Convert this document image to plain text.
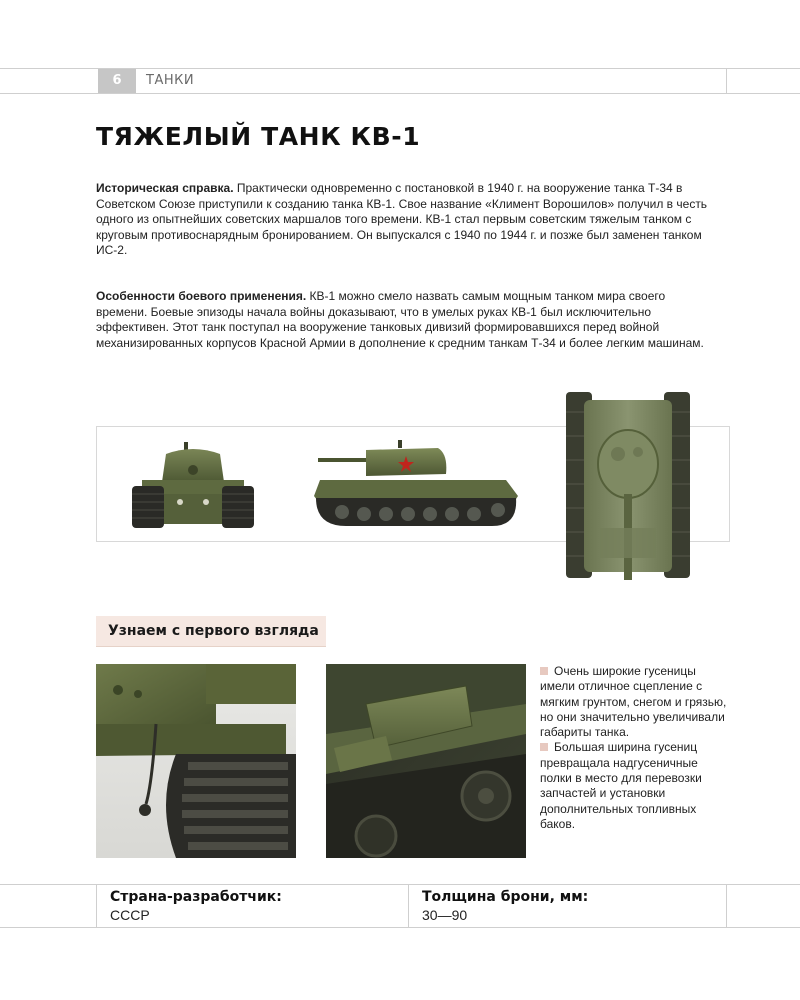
6	ТАНКИ
ТЯЖЕЛЫЙ ТАНК КВ-1

Историческая справка. Практически одновременно с постановкой в 1940 г. на вооружение танка Т-34 в Советском Союзе приступили к созданию танка КВ-1. Свое название «Климент Ворошилов» получил в честь одного из опытнейших советских маршалов того времени. КВ-1 стал первым советским тяжелым танком с круговым противоснарядным бронированием. Он выпускался с 1940 по 1944 г. и позже был заменен танком ИС-2.

Особенности боевого применения. КВ-1 можно смело назвать самым мощным танком мира своего времени. Боевые эпизоды начала войны доказывают, что в умелых руках КВ-1 был исключительно эффективен. Этот танк поступал на вооружение танковых дивизий формировавшихся перед войной механизированных корпусов Красной Армии в дополнение к средним танкам Т-34 и более легким машинам.

Узнаем с первого взгляда

Очень широкие гусеницы имели отличное сцепление с мягким грунтом, снегом и грязью, но они значительно увеличивали габариты танка.

Большая ширина гусениц превращала надгусеничные полки в место для перевозки запчастей и установки дополнительных топливных баков.

Страна-разработчик:
СССР
Толщина брони, мм:
30—90
